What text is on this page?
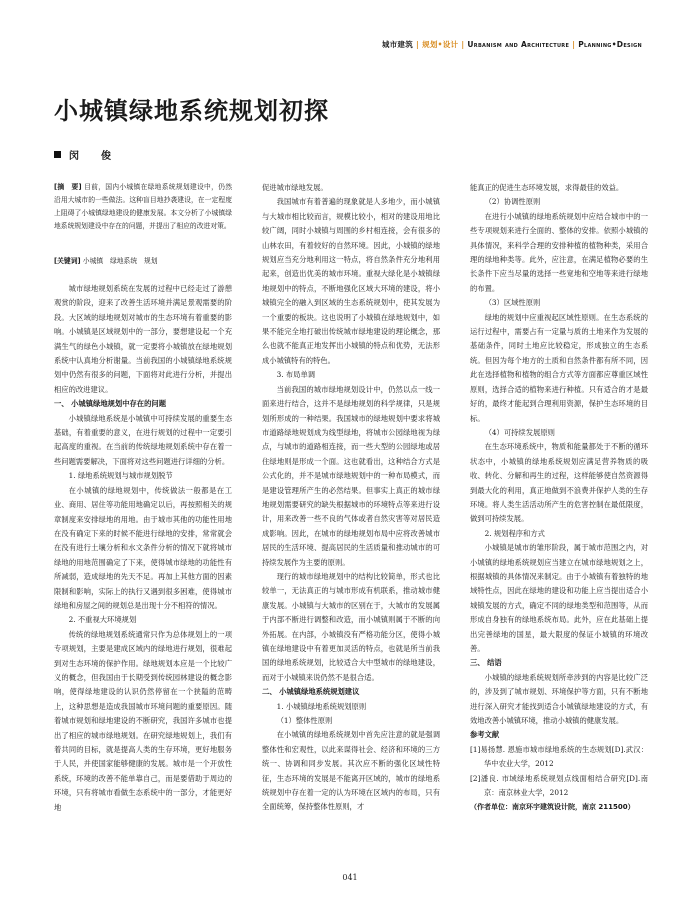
城市建筑 | 规划•设计 | Urbanism and Architecture | Planning•Design
小城镇绿地系统规划初探
闵　俊
[摘　要] 目前，国内小城镇在绿地系统规划建设中，仍然沿用大城市的一些做法。这种盲目地抄袭建设，在一定程度上阻碍了小城镇绿地建设的健康发展。本文分析了小城镇绿地系统规划建设中存在的问题，并提出了相应的改进对策。
[关键词] 小城镇　绿地系统　规划

城市绿地规划系统在发展的过程中已经走过了游憩观赏的阶段，迎来了改善生活环境并满足景观需要的阶段。大区域的绿地规划对城市的生态环境有着重要的影响。小城镇是区域规划中的一部分，要想建设起一个充满生气的绿色小城镇，就一定要将小城镇放在绿地规划系统中认真地分析谢量。当前我国的小城镇绿地系统规划中仍然有很多的问题，下面将对此进行分析，并提出相应的改进建议。

一、 小城镇绿地规划中存在的问题

小城镇绿地系统是小城镇中可持续发展的重要生态基础，有着重要的意义，在进行规划的过程中一定要引起高度的重视。在当前的传统绿地规划系统中存在着一些问题需要解决，下面将对这些问题进行详细的分析。

1. 绿地系统规划与城市规划脱节

在小城镇的绿地规划中，传统做法一般都是在工业、商用、居住等功能用地确定以后，再按照相关的规章制度来安排绿地的用地。由于城市其他的功能性用地在没有确定下来的时候不能进行绿地的安排，常常就会在没有进行土壤分析和水文条件分析的情况下就将城市绿地的用地范围确定了下来，使得城市绿地的功能性有所减弱，造成绿地的先天不足。再加上其他方面的因素限制和影响，实际上的执行又遇到很多困难，使得城市绿地和房屋之间的规划总是出现十分不相符的情况。

2. 不重视大环境规划

传统的绿地规划系统通常只作为总体规划上的一项专项规划，主要是建成区域内的绿地进行规划，很难起到对生态环境的保护作用。绿地规划本应是一个比较广义的概念，但我国由于长期受到传统园林建设的概念影响，使得绿地建设的认识仍然停留在一个狭隘的范畴上，这种思想是造成我国城市环境问题的重要原因。随着城市规划和绿地建设的不断研究，我国许多城市也提出了相应的城市绿地规划。在研究绿地规划上，我们有着共同的目标，就是提高人类的生存环境，更好地服务于人民，并使国家能够健康的发展。城市是一个开放性系统，环境的改善不能单靠自己，而是要借助于周边的环境，只有将城市看做生态系统中的一部分，才能更好地

促进城市绿地发展。

我国城市有着普遍的现象就是人多地少，而小城镇与大城市相比较而言，规模比较小，相对的建设用地比较广阔，同时小城镇与周围的乡村相连接，会有很多的山林农田，有着较好的自然环境。因此，小城镇的绿地规划应当充分地利用这一特点，将自然条件充分地利用起来，创造出优美的城市环境。重视大绿化是小城镇绿地规划中的特点，不断地强化区域大环境的建设，将小城镇完全的融入到区域的生态系统规划中，使其发展为一个重要的板块。这也说明了小城镇在绿地规划中，如果不能完全地打破出传统城市绿地建设的理论概念，那么也就不能真正地发挥出小城镇的特点和优势，无法形成小城镇特有的特色。

3. 布局单调

当前我国的城市绿地规划设计中，仍然以点一线一面来进行结合，这并不是绿地规划的科学规律，只是规划所形成的一种结果。我国城市的绿地规划中要求将城市道路绿地规划成为线型绿地，将城市公园绿地视为绿点，与城市的道路相连接，而一些大型的公园绿地或居住绿地则是形成一个面。这也就看出，这种结合方式是公式化的，并不是城市绿地规划中的一种布局模式，而是建设管理所产生的必然结果。但事实上真正的城市绿地规划需要研究的缺失根据城市的环境特点等来进行设计，用来改善一些不良的气体或者自然灾害等对居民造成影响。因此，在城市的绿地规划布局中应将改善城市居民的生活环境、提高居民的生活质量和推动城市的可持续发展作为主要的原则。

现行的城市绿地规划中的结构比较简单，形式也比较单一，无法真正的与城市形成有机联系，推动城市健康发展。小城镇与大城市的区别在于，大城市的发展属于内部不断进行调整和改造，而小城镇则属于不断的向外拓展。在内部，小城镇没有严格功能分区，使得小城镇在绿地建设中有着更加灵活的特点，也就是所当前我国的绿地系统规划，比较适合大中型城市的绿地建设，而对于小城镇来说仍然不是很合适。

二、 小城镇绿地系统规划建议

1. 小城镇绿地系统规划原则

（1）整体性原则

在小城镇的绿地系统规划中首先应注意的就是强调整体性和宏观性，以此来谋得社会、经济和环境的三方统一、协调和同步发展。其次应不断的强化区域性特征，生态环境的发展是不能离开区域的，城市的绿地系统规划中存在着一定的认为环境在区域内的布局，只有全面统筹，保持整体性原则，才

能真正的促进生态环境发展，求得最佳的效益。

（2）协调性原则

在进行小城镇的绿地系统规划中应结合城市中的一些专项规划来进行全面的、整体的安排。依照小城镇的具体情况，来科学合理的安排种植的植物种类，采用合理的绿地种类等。此外，应注意，在满足植物必要的生长条件下应当尽量的选择一些宽地和空地等来进行绿地的布置。

（3）区域性原则

绿地的规划中应重视起区域性原则。在生态系统的运行过程中，需要占有一定量与质的土地来作为发展的基础条件，同时土地应比较稳定，形成独立的生态系统。但因为每个地方的土质和自然条件都有所不同，因此在选择植物和植物的组合方式等方面都应尊重区域性原则，选择合适的植物来进行种植。只有适合的才是最好的，最终才能起到合理利用资源，保护生态环境的目标。

（4）可持续发展原则

在生态环境系统中，物质和能量都处于不断的循环状态中，小城镇的绿地系统规划应满足营养物质的吸收、转化、分解和再生的过程，这样能够使自然资源得到最大化的利用，真正地做到不浪费并保护人类的生存环境。将人类生活活动所产生的危害控制在最低限度，做到可持续发展。

2. 规划程序和方式

小城镇是城市的雏形阶段，属于城市范围之内，对小城镇的绿地系统规划应当建立在城市绿地规划之上，根据城镇的具体情况来制定。由于小城镇有着独特的地域特性点，因此在绿地的建设和功能上应当提出适合小城镇发展的方式，确定不同的绿地类型和范围等，从而形成自身独有的绿地系统布局。此外，应在此基础上提出完善绿地的国星，最大限度的保证小城镇的环境改善。

三、 结语

小城镇的绿地系统规划所牵涉到的内容是比较广泛的，涉及到了城市规划、环境保护等方面，只有不断地进行深入研究才能找到适合小城镇绿地建设的方式，有效地改善小城镇环境，推动小城镇的健康发展。

参考文献

[1]易扬慧. 恩施市城市绿地系统的生态规划[D].武汉：华中农业大学，2012

[2]潘良. 市域绿地系统规划点线面相结合研究[D].南京：南京林业大学，2012

（作者单位：南京环宇建筑设计院，南京 211500）

041
